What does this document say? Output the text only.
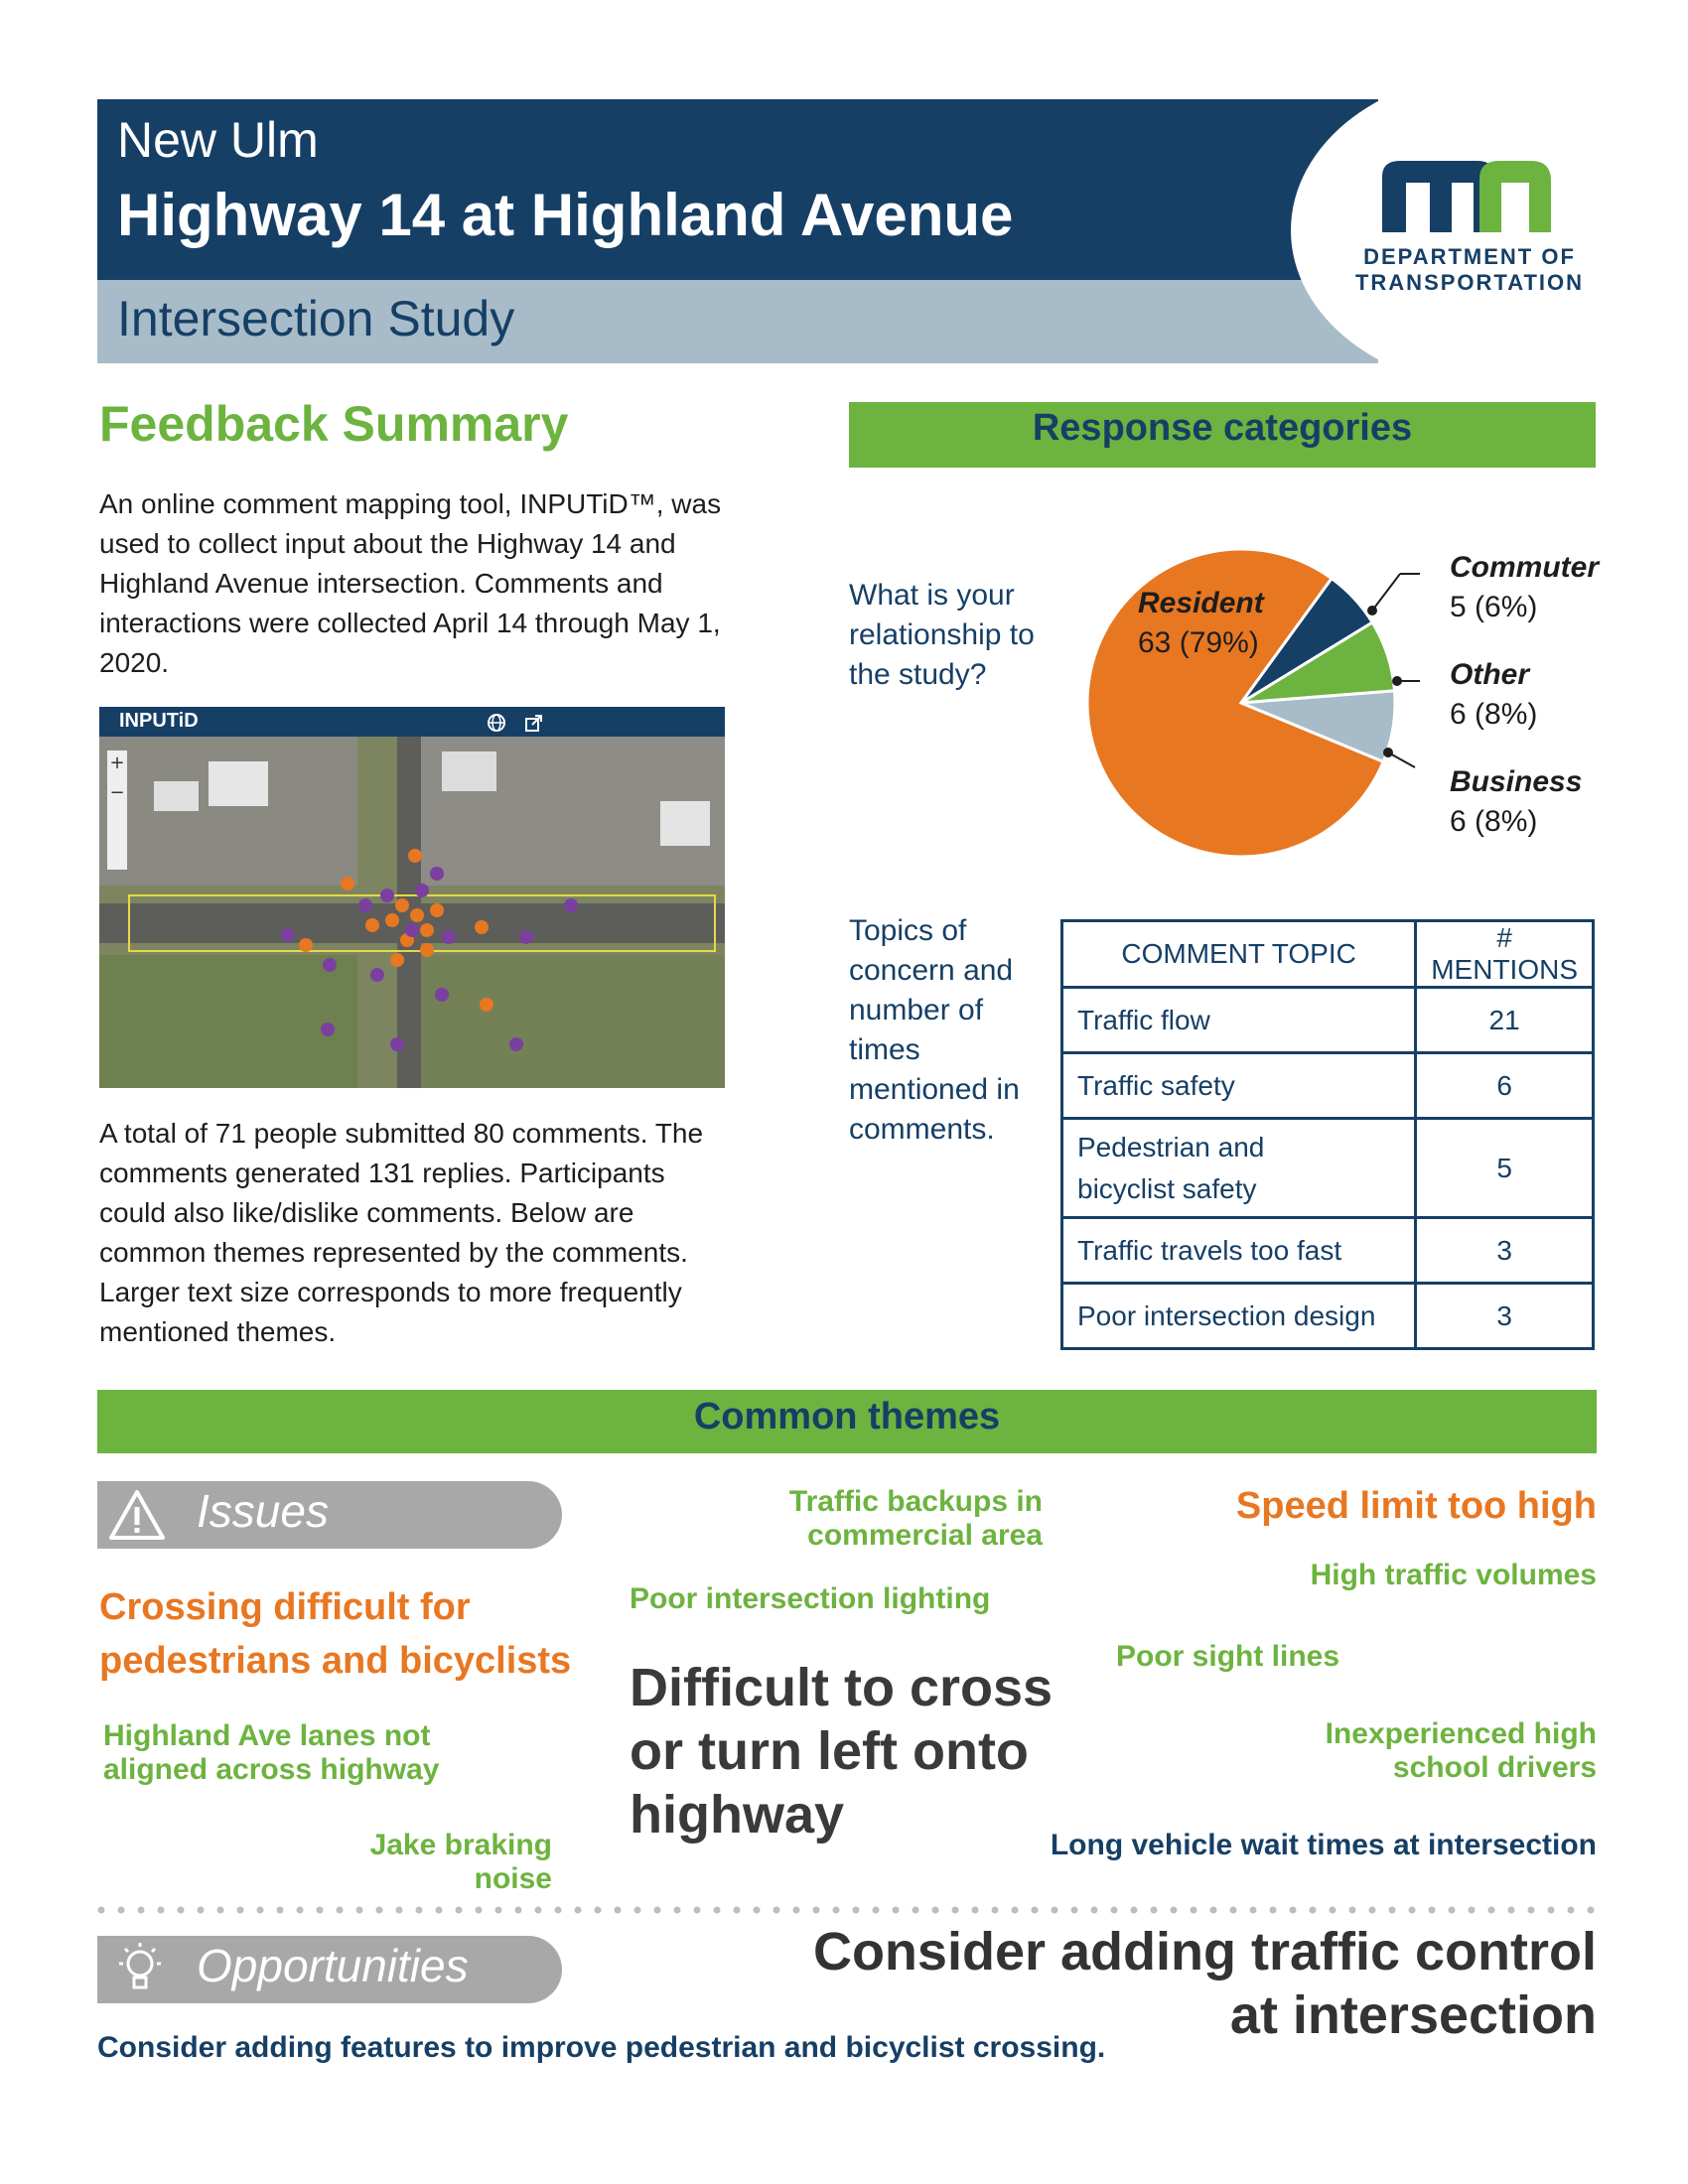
New Ulm
Highway 14 at Highland Avenue
Intersection Study
DEPARTMENT OF
TRANSPORTATION
Feedback Summary
An online comment mapping tool, INPUTiD™, was used to collect input about the Highway 14 and Highland Avenue intersection. Comments and interactions were collected April 14 through May 1, 2020.
INPUTiD
+
−
A total of 71 people submitted 80 comments. The comments generated 131 replies. Participants could also like/dislike comments. Below are common themes represented by the comments. Larger text size corresponds to more frequently mentioned themes.
Response categories
What is your relationship to the study?
Resident
63 (79%)
Commuter
5 (6%)
Other
6 (8%)
Business
6 (8%)
Topics of concern and number of times mentioned in comments.
COMMENT TOPIC	# MENTIONS
Traffic flow	21
Traffic safety	6
Pedestrian and bicyclist safety	5
Traffic travels too fast	3
Poor intersection design	3
Common themes
Issues	Traffic backups in commercial area
Speed limit too high
Crossing difficult for pedestrians and bicyclists
Poor intersection lighting
High traffic volumes
Poor sight lines
Difficult to cross or turn left onto highway
Highland Ave lanes not aligned across highway
Inexperienced high school drivers
Jake braking noise
Long vehicle wait times at intersection
Opportunities	Consider adding traffic control at intersection
Consider adding features to improve pedestrian and bicyclist crossing.
